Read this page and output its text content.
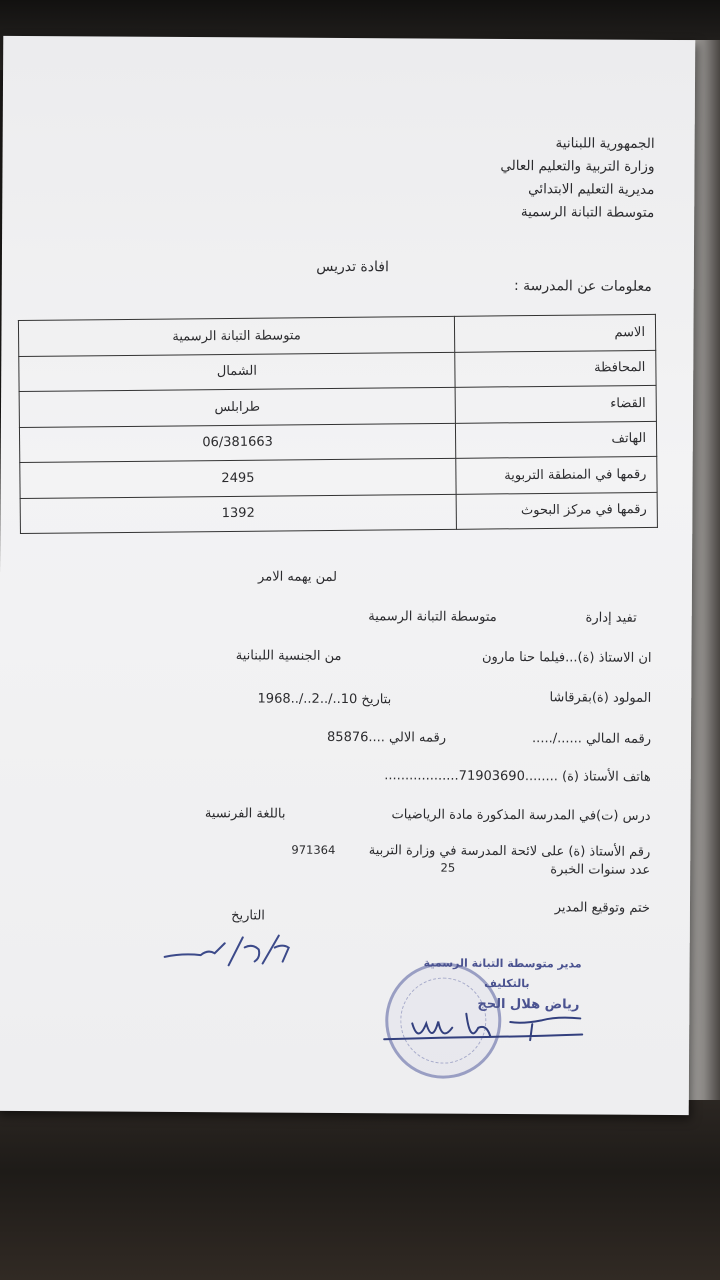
الجمهورية اللبنانية
وزارة التربية والتعليم العالي
مديرية التعليم الابتدائي
متوسطة التبانة الرسمية
افادة تدريس
معلومات عن المدرسة :
الاسم	متوسطة التبانة الرسمية
المحافظة	الشمال
القضاء	طرابلس
الهاتف	06/381663
رقمها في المنطقة التربوية	2495
رقمها في مركز البحوث	1392
لمن يهمه الامر
تفيد إدارة
متوسطة التبانة الرسمية
ان الاستاذ (ة)...فيلما حنا مارون
من الجنسية اللبنانية
المولود (ة)بقرقاشا
بتاريخ 10../..2../..1968
رقمه المالي ....../.....
رقمه الالي ....85876
هاتف الأستاذ (ة) ........71903690..................
درس (ت)في المدرسة المذكورة مادة الرياضيات
باللغة الفرنسية
رقم الأستاذ (ة) على لائحة المدرسة في وزارة التربية
971364
عدد سنوات الخبرة
25
ختم وتوقيع المدير
التاريخ
مدير متوسطة التبانة الرسمية
بالتكليف
رياض هلال الحج
